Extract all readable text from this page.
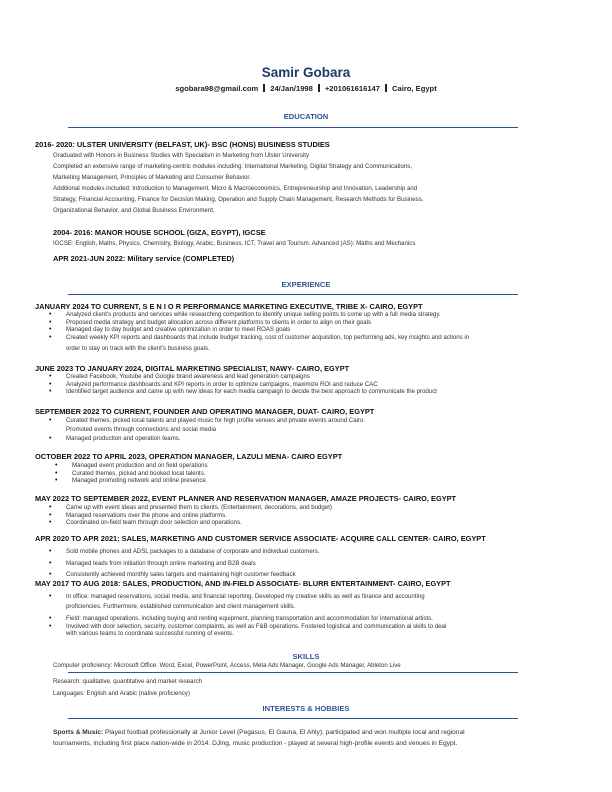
Samir Gobara
sgobara98@gmail.com 24/Jan/1998 +201061616147 Cairo, Egypt
EDUCATION
2016- 2020: ULSTER UNIVERSITY (BELFAST, UK)- BSC (HONS) BUSINESS STUDIES
Graduated with Honors in Business Studies with Specialism in Marketing from Ulster University
Completed an extensive range of marketing-centric modules including: International Marketing, Digital Strategy and Communications,
Marketing Management, Principles of Marketing and Consumer Behavior.
Additional modules included: Introduction to Management, Micro & Macroeconomics, Entrepreneurship and Innovation, Leadership and
Strategy, Financial Accounting, Finance for Decision Making, Operation and Supply Chain Management, Research Methods for Business,
Organizational Behavior, and Global Business Environment.
2004- 2016: MANOR HOUSE SCHOOL (GIZA, EGYPT), IGCSE
IGCSE: English, Maths, Physics, Chemistry, Biology, Arabic, Business, ICT, Travel and Tourism. Advanced (AS): Maths and Mechanics
APR 2021-JUN 2022: Military service (COMPLETED)
EXPERIENCE
JANUARY 2024 TO CURRENT, S E N I O R PERFORMANCE MARKETING EXECUTIVE, TRIBE X- CAIRO, EGYPT
• Analyzed client's products and services while researching competition to identify unique selling points to come up with a full media strategy.
• Proposed media strategy and budget allocation across different platforms to clients in order to align on their goals
• Managed day to day budget and creative optimization in order to meet ROAS goals
• Created weekly KPI reports and dashboards that include budget tracking, cost of customer acquisition, top performing ads, key insights and actions in
order to stay on track with the client's business goals.
JUNE 2023 TO JANUARY 2024, DIGITAL MARKETING SPECIALIST, NAWY- CAIRO, EGYPT
• Created Facebook, Youtube and Google brand awareness and lead generation campaigns
• Analyzed performance dashboards and KPI reports in order to optimize campaigns, maximize ROI and reduce CAC
• Identified target audience and came up with new ideas for each media campaign to decide the best approach to communicate the product
SEPTEMBER 2022 TO CURRENT, FOUNDER AND OPERATING MANAGER, DUAT- CAIRO, EGYPT
• Curated themes, picked local talents and played music for high profile venues and private events around Cairo.
Promoted events through connections and social media
• Managed production and operation teams.
OCTOBER 2022 TO APRIL 2023, OPERATION MANAGER, LAZULI MENA- CAIRO EGYPT
• Managed event production and on field operations
• Curated themes, picked and booked local talents.
• Managed promoting network and online presence.
MAY 2022 TO SEPTEMBER 2022, EVENT PLANNER AND RESERVATION MANAGER, AMAZE PROJECTS- CAIRO, EGYPT
• Came up with event ideas and presented them to clients. (Entertainment, decorations, and budget)
• Managed reservations over the phone and online platforms.
• Coordinated on-field team through door selection and operations.
APR 2020 TO APR 2021: SALES, MARKETING AND CUSTOMER SERVICE ASSOCIATE- ACQUIRE CALL CENTER- CAIRO, EGYPT
• Sold mobile phones and ADSL packages to a database of corporate and individual customers.
• Managed leads from initiation through online marketing and B2B deals
• Consistently achieved monthly sales targets and maintaining high customer feedback
MAY 2017 TO AUG 2018: SALES, PRODUCTION, AND IN-FIELD ASSOCIATE- BLURR ENTERTAINMENT- CAIRO, EGYPT
• In office: managed reservations, social media, and financial reporting. Developed my creative skills as well as finance and accounting
proficiencies. Furthermore, established communication and client management skills.
• Field: managed operations, including buying and renting equipment, planning transportation and accommodation for international artists.
• Involved with door selection, security, customer complaints, as well as F&B operations. Fostered logistical and communication al skills to deal
with various teams to coordinate successful running of events.
SKILLS
Computer proficiency: Microsoft Office: Word, Excel, PowerPoint, Access, Meta Ads Manager, Google Ads Manager, Ableton Live
Research: qualitative, quantitative and market research
Languages: English and Arabic (native proficiency)
INTERESTS & HOBBIES
Sports & Music: Played football professionally at Junior Level (Pegasus, El Gauna, El Ahly); participated and won multiple local and regional
tournaments, including first place nation-wide in 2014. DJing, music production - played at several high-profile events and venues in Egypt.
